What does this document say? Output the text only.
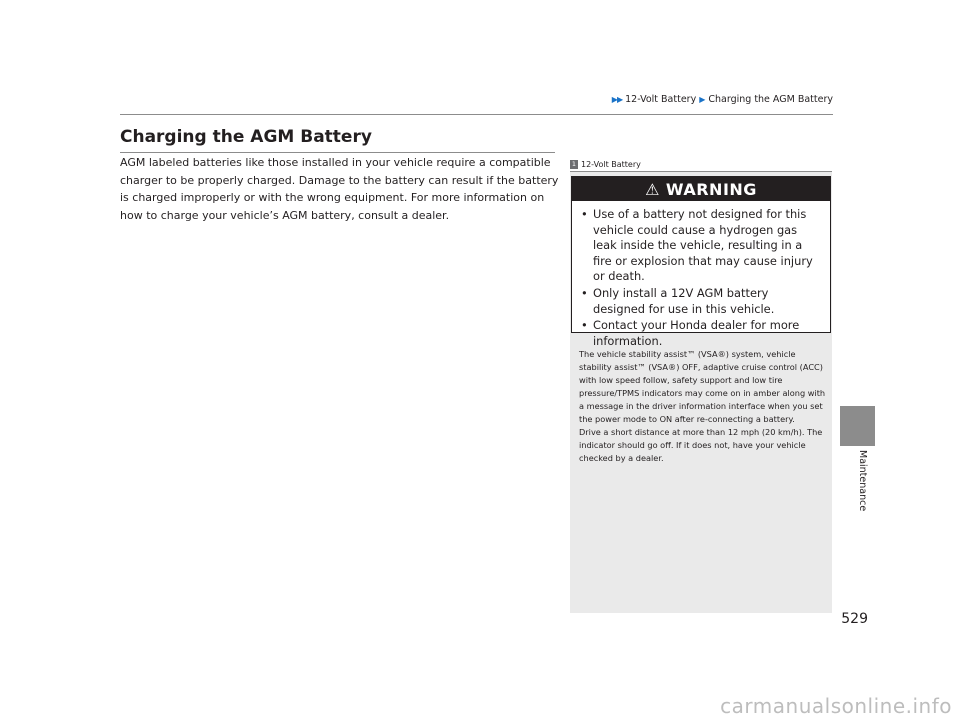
▶▶ 12-Volt Battery ▶ Charging the AGM Battery
Charging the AGM Battery

AGM labeled batteries like those installed in your vehicle require a compatible charger to be properly charged. Damage to the battery can result if the battery is charged improperly or with the wrong equipment. For more information on how to charge your vehicle’s AGM battery, consult a dealer.

1 12-Volt Battery
⚠ WARNING
• Use of a battery not designed for this vehicle could cause a hydrogen gas leak inside the vehicle, resulting in a fire or explosion that may cause injury or death.
• Only install a 12V AGM battery designed for use in this vehicle.
• Contact your Honda dealer for more information.

The vehicle stability assist™ (VSA®) system, vehicle stability assist™ (VSA®) OFF, adaptive cruise control (ACC) with low speed follow, safety support and low tire pressure/TPMS indicators may come on in amber along with a message in the driver information interface when you set the power mode to ON after re-connecting a battery.

Drive a short distance at more than 12 mph (20 km/h). The indicator should go off. If it does not, have your vehicle checked by a dealer.	Maintenance
529
carmanualsonline.info
